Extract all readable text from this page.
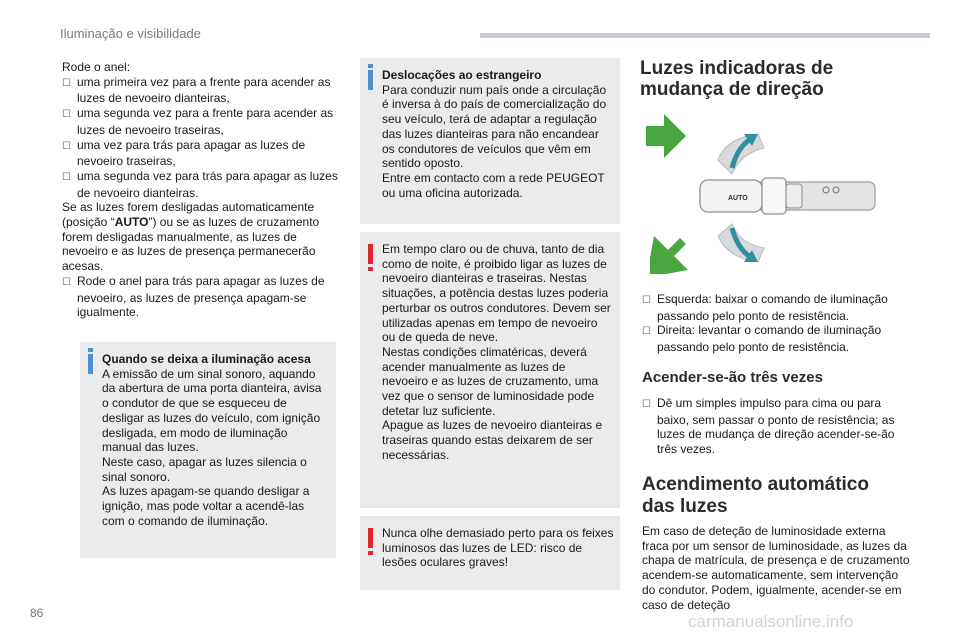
Iluminação e visibilidade

Rode o anel:

☐ uma primeira vez para a frente para acender as luzes de nevoeiro dianteiras,

☐ uma segunda vez para a frente para acender as luzes de nevoeiro traseiras,

☐ uma vez para trás para apagar as luzes de nevoeiro traseiras,

☐ uma segunda vez para trás para apagar as luzes de nevoeiro dianteiras.

Se as luzes forem desligadas automaticamente (posição “AUTO”) ou se as luzes de cruzamento forem desligadas manualmente, as luzes de nevoeiro e as luzes de presença permanecerão acesas.

☐ Rode o anel para trás para apagar as luzes de nevoeiro, as luzes de presença apagam-se igualmente.

Quando se deixa a iluminação acesa
A emissão de um sinal sonoro, aquando da abertura de uma porta dianteira, avisa o condutor de que se esqueceu de desligar as luzes do veículo, com ignição desligada, em modo de iluminação manual das luzes.
Neste caso, apagar as luzes silencia o sinal sonoro.
As luzes apagam-se quando desligar a ignição, mas pode voltar a acendê-las com o comando de iluminação.
Deslocações ao estrangeiro
Para conduzir num país onde a circulação é inversa à do país de comercialização do seu veículo, terá de adaptar a regulação das luzes dianteiras para não encandear os condutores de veículos que vêm em sentido oposto.
Entre em contacto com a rede PEUGEOT ou uma oficina autorizada.
Em tempo claro ou de chuva, tanto de dia como de noite, é proibido ligar as luzes de nevoeiro dianteiras e traseiras. Nestas situações, a potência destas luzes poderia perturbar os outros condutores. Devem ser utilizadas apenas em tempo de nevoeiro ou de queda de neve.
Nestas condições climatéricas, deverá acender manualmente as luzes de nevoeiro e as luzes de cruzamento, uma vez que o sensor de luminosidade pode detetar luz suficiente.
Apague as luzes de nevoeiro dianteiras e traseiras quando estas deixarem de ser necessárias.
Nunca olhe demasiado perto para os feixes luminosos das luzes de LED: risco de lesões oculares graves!
Luzes indicadoras de mudança de direção
AUTO

☐ Esquerda: baixar o comando de iluminação passando pelo ponto de resistência.

☐ Direita: levantar o comando de iluminação passando pelo ponto de resistência.

Acender-se-ão três vezes

☐ Dê um simples impulso para cima ou para baixo, sem passar o ponto de resistência; as luzes de mudança de direção acender-se-ão três vezes.

Acendimento automático das luzes
Em caso de deteção de luminosidade externa fraca por um sensor de luminosidade, as luzes da chapa de matrícula, de presença e de cruzamento acendem-se automaticamente, sem intervenção do condutor. Podem, igualmente, acender-se em caso de deteção
86	carmanualsonline.info
